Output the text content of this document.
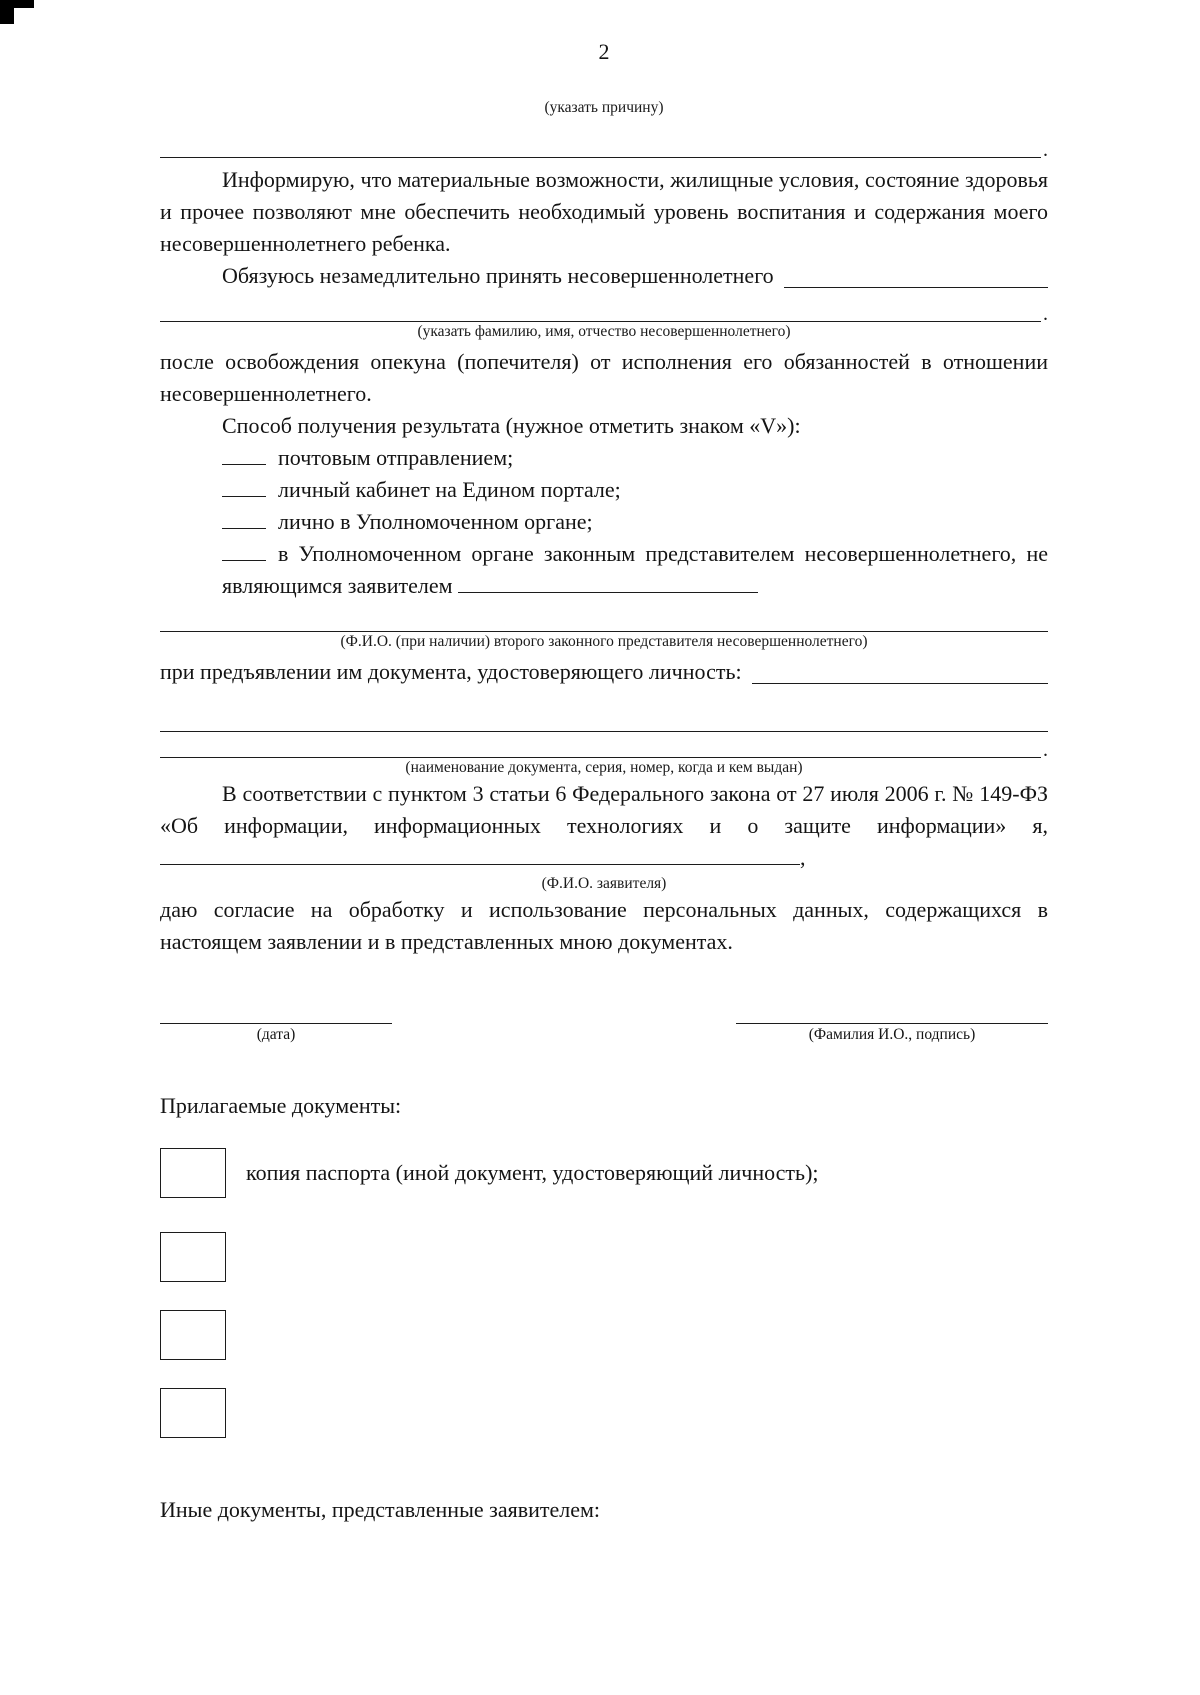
2
(указать причину)
.

Информирую, что материальные возможности, жилищные условия, состояние здоровья и прочее позволяют мне обеспечить необходимый уровень воспитания и содержания моего несовершеннолетнего ребенка.

Обязуюсь незамедлительно принять несовершеннолетнего
.
(указать фамилию, имя, отчество несовершеннолетнего)

после освобождения опекуна (попечителя) от исполнения его обязанностей в отношении несовершеннолетнего.

Способ получения результата (нужное отметить знаком «V»):

почтовым отправлением;
личный кабинет на Едином портале;
лично в Уполномоченном органе;
в Уполномоченном органе законным представителем несовершеннолетнего, не являющимся заявителем
(Ф.И.О. (при наличии) второго законного представителя несовершеннолетнего)
при предъявлении им документа, удостоверяющего личность:
.
(наименование документа, серия, номер, когда и кем выдан)

В соответствии с пунктом 3 статьи 6 Федерального закона от 27 июля 2006 г. № 149-ФЗ «Об информации, информационных технологиях и о защите информации» я, ,

(Ф.И.О. заявителя)

даю согласие на обработку и использование персональных данных, содержащихся в настоящем заявлении и в представленных мною документах.

(дата)	(Фамилия И.О., подпись)

Прилагаемые документы:

копия паспорта (иной документ, удостоверяющий личность);

Иные документы, представленные заявителем:
